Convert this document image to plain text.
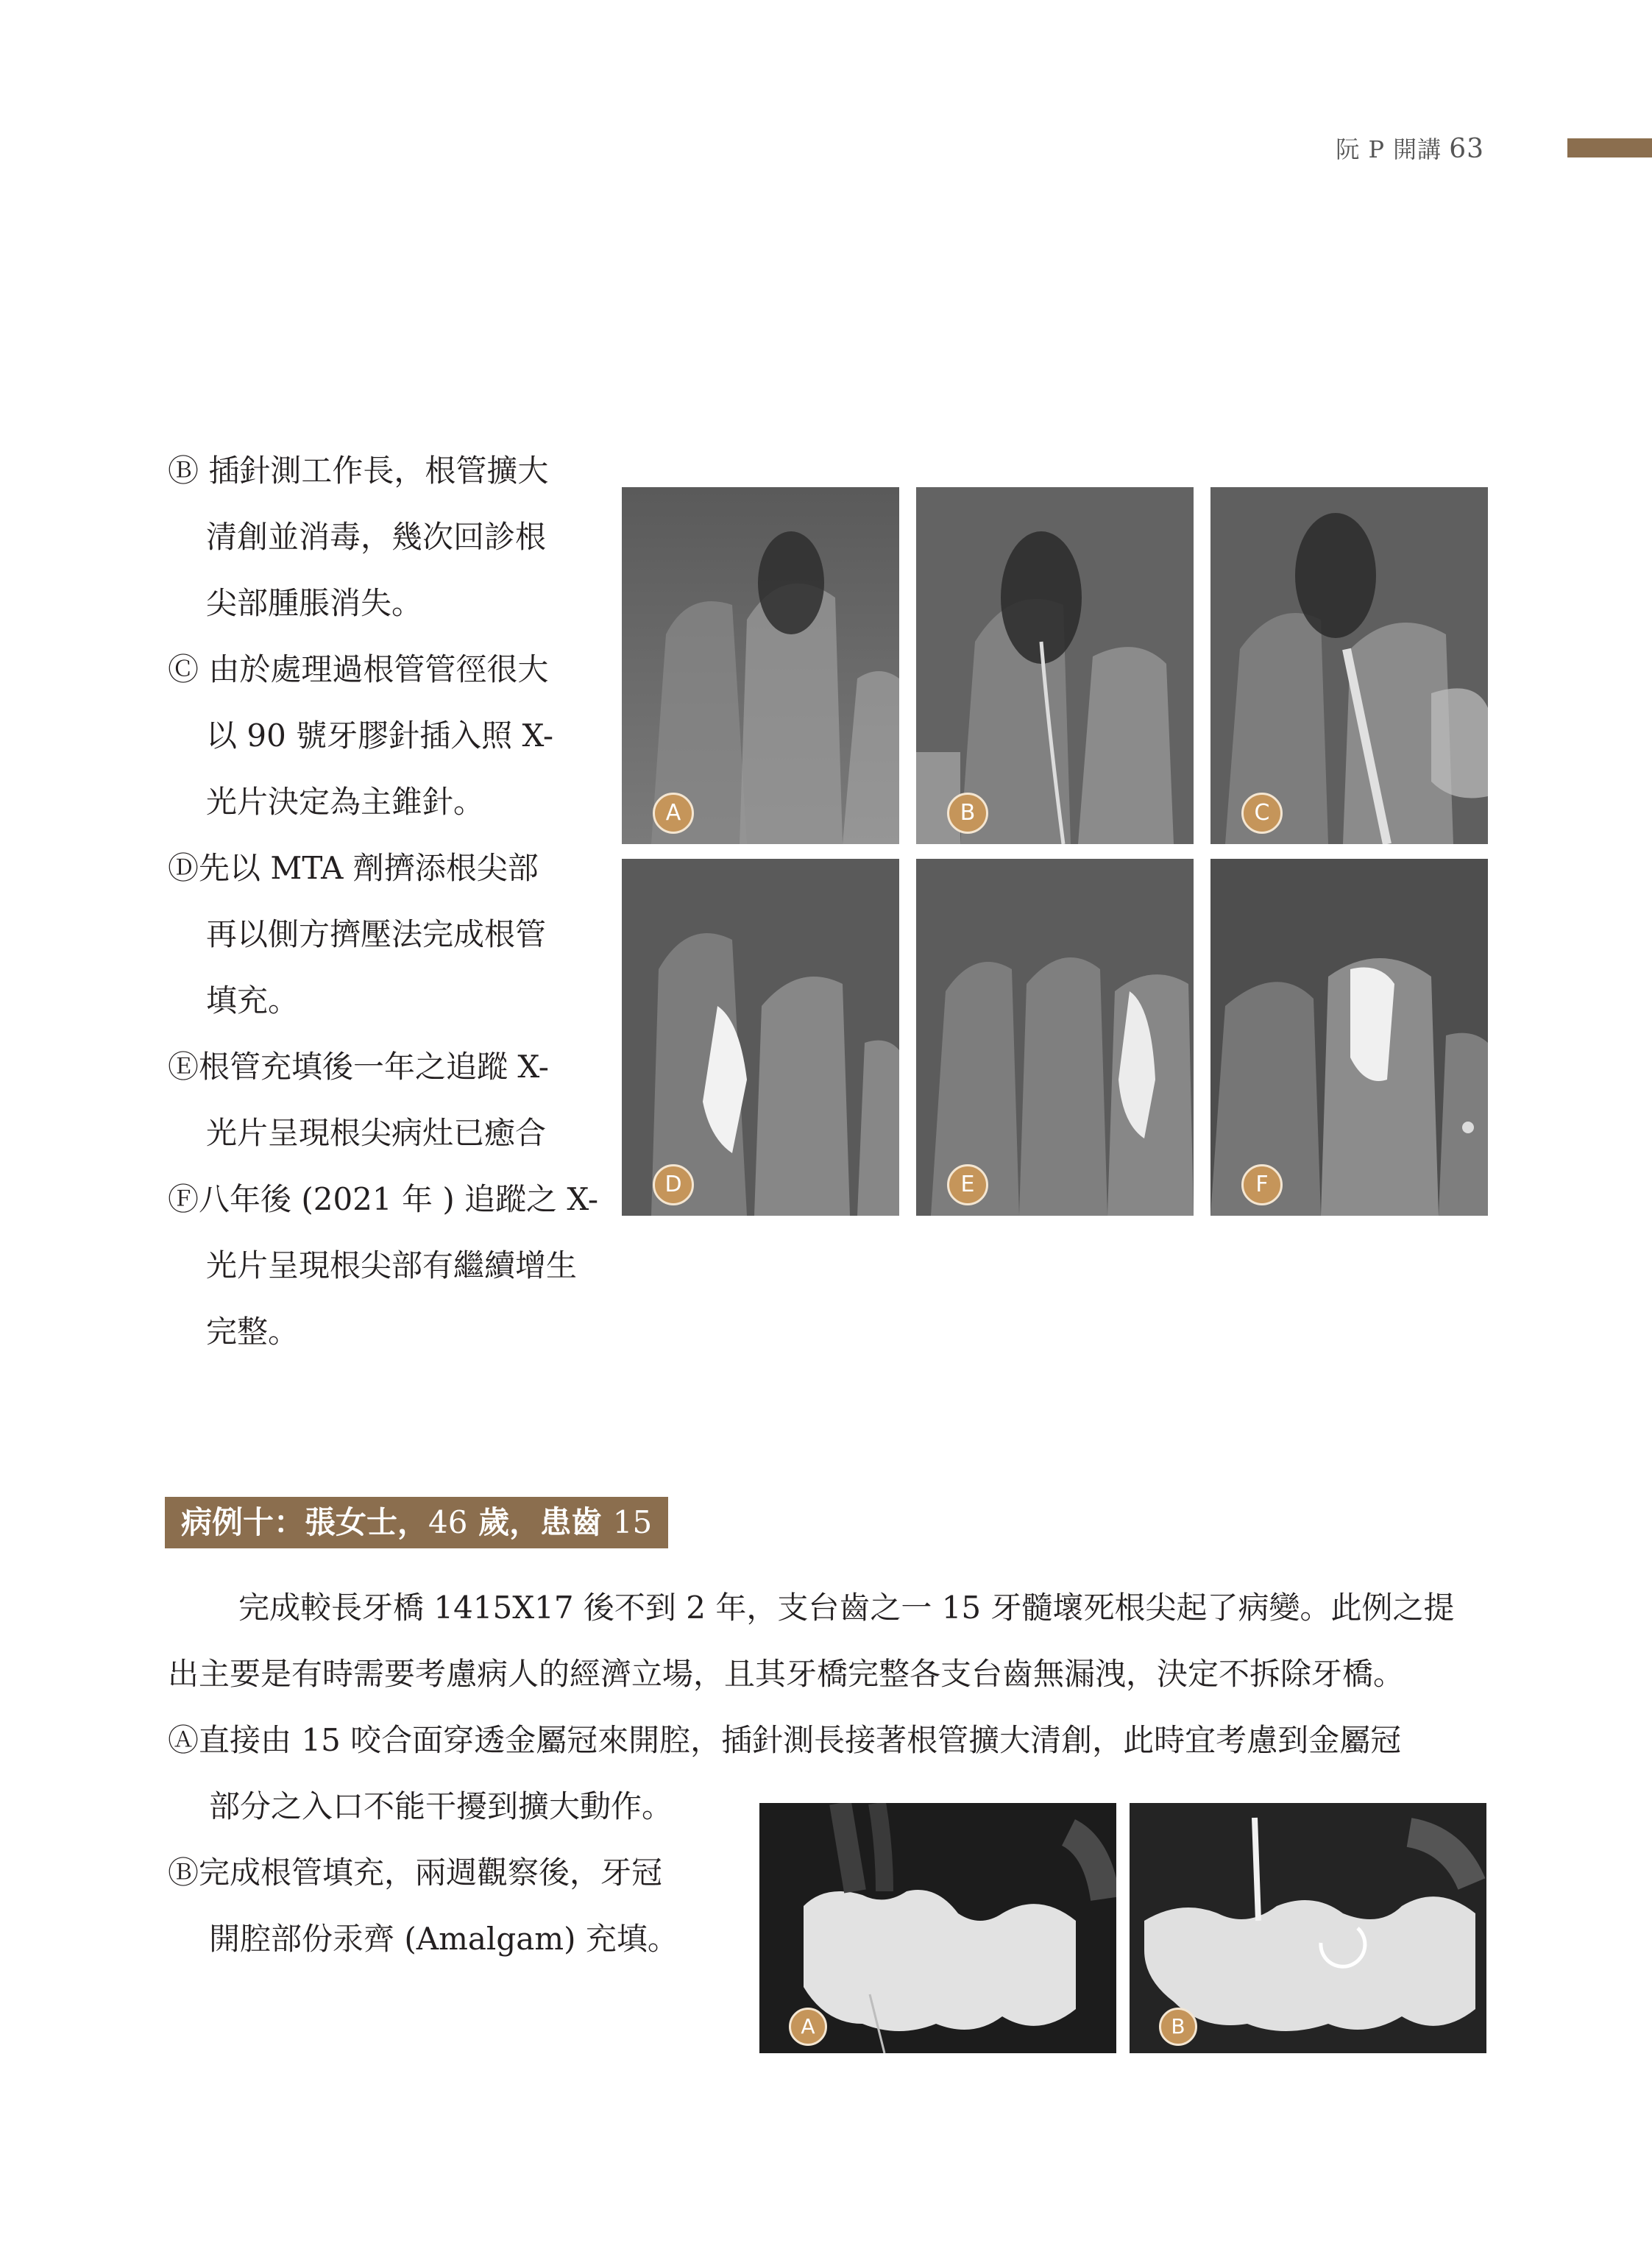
阮 P 開講 63
Ⓑ 插針測工作長，根管擴大
清創並消毒，幾次回診根
尖部腫脹消失。
Ⓒ 由於處理過根管管徑很大
以 90 號牙膠針插入照 X-
光片決定為主錐針。
Ⓓ先以 MTA 劑擠添根尖部
再以側方擠壓法完成根管
填充。
Ⓔ根管充填後一年之追蹤 X-
光片呈現根尖病灶已癒合
Ⓕ八年後 (2021 年 ) 追蹤之 X-
光片呈現根尖部有繼續增生
完整。
A	B	C
D	E	F
病例十：張女士，46 歲，患齒 15

完成較長牙橋 1415X17 後不到 2 年，支台齒之一 15 牙髓壞死根尖起了病變。此例之提

出主要是有時需要考慮病人的經濟立場，且其牙橋完整各支台齒無漏洩，決定不拆除牙橋。

Ⓐ直接由 15 咬合面穿透金屬冠來開腔，插針測長接著根管擴大清創，此時宜考慮到金屬冠

部分之入口不能干擾到擴大動作。

Ⓑ完成根管填充，兩週觀察後，牙冠
開腔部份汞齊 (Amalgam) 充填。
A	B
